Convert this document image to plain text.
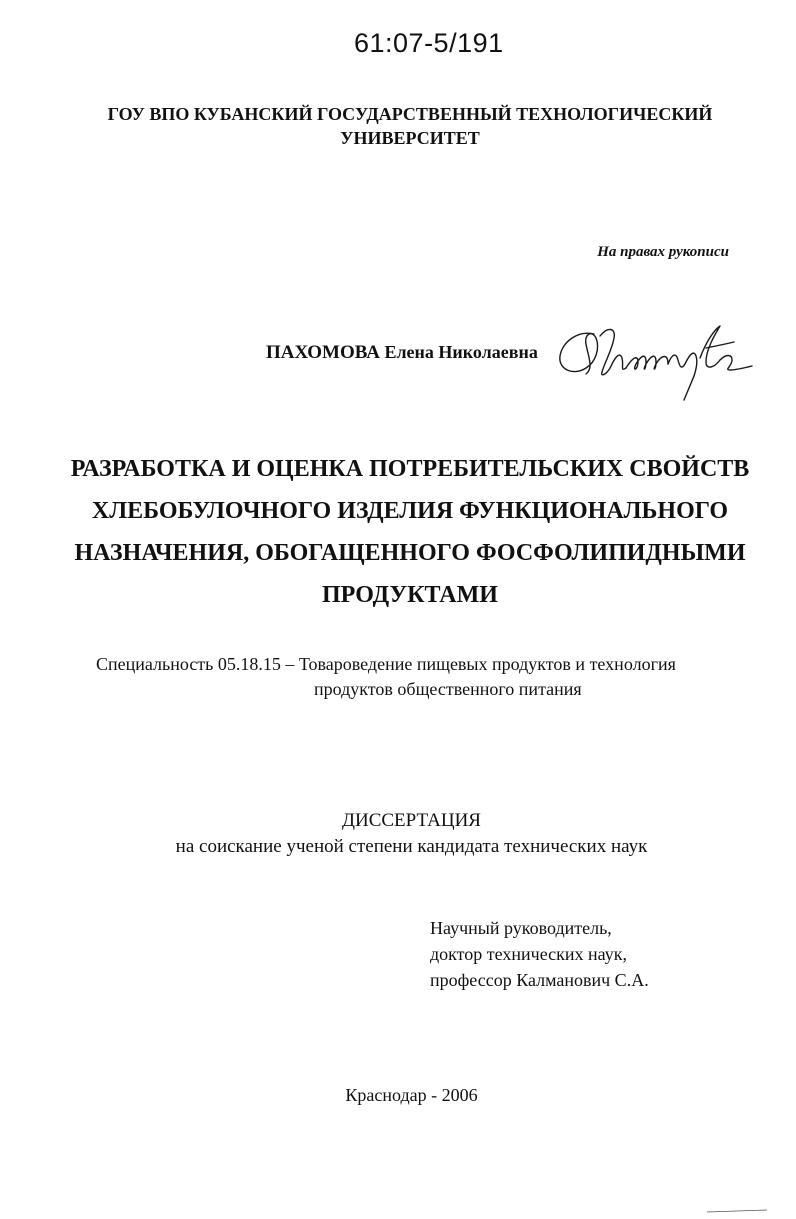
61:07-5/191
ГОУ ВПО КУБАНСКИЙ ГОСУДАРСТВЕННЫЙ ТЕХНОЛОГИЧЕСКИЙ
УНИВЕРСИТЕТ
На правах рукописи
ПАХОМОВА Елена Николаевна
РАЗРАБОТКА И ОЦЕНКА ПОТРЕБИТЕЛЬСКИХ СВОЙСТВ
ХЛЕБОБУЛОЧНОГО ИЗДЕЛИЯ ФУНКЦИОНАЛЬНОГО
НАЗНАЧЕНИЯ, ОБОГАЩЕННОГО ФОСФОЛИПИДНЫМИ
ПРОДУКТАМИ
Специальность 05.18.15 – Товароведение пищевых продуктов и технология
продуктов общественного питания
ДИССЕРТАЦИЯ
на соискание ученой степени кандидата технических наук
Научный руководитель,
доктор технических наук,
профессор Калманович С.А.
Краснодар - 2006
